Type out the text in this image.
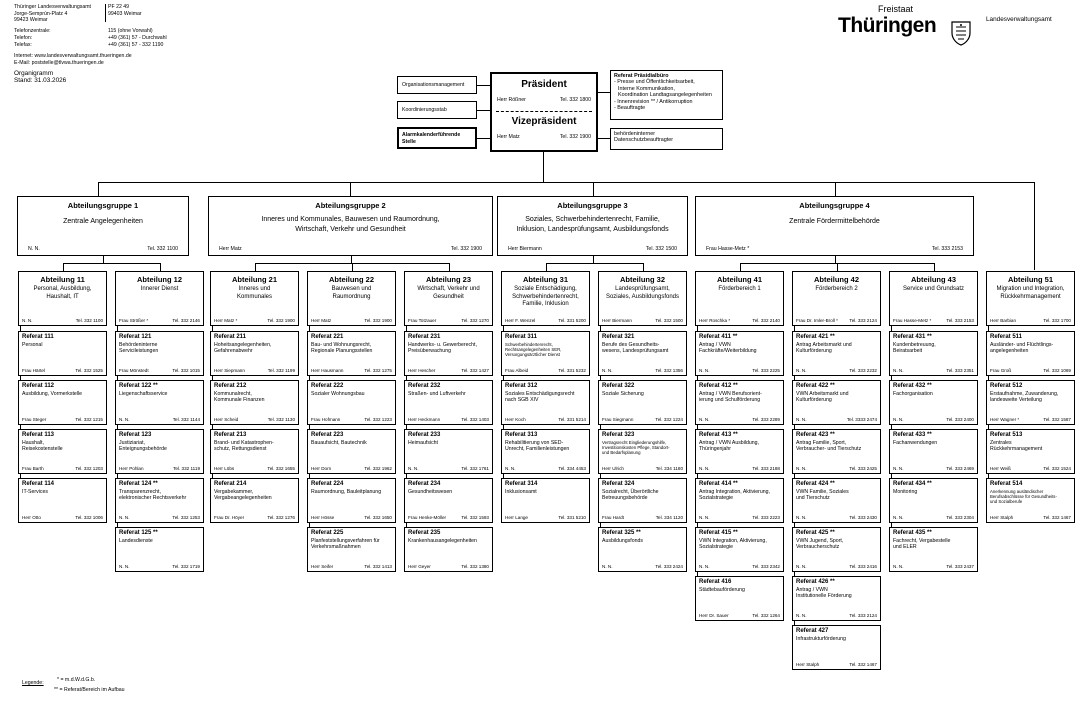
Thüringer Landesverwaltungsamt
Jorge-Semprún-Platz 4
99423 Weimar
PF 22 49
99403 Weimar
Telefonzentrale:
Telefon:
Telefax:
115 (ohne Vorwahl)
+49 (361) 57 - Durchwahl
+49 (361) 57 - 332 1190
Internet: www.landesverwaltungsamt.thueringen.de
E-Mail: poststelle@tlvwa.thueringen.de
Organigramm
Stand: 31.03.2026
Freistaat
Thüringen	Landesverwaltungsamt
Organisationsmanagement
Koordinierungsstab
Alarmkalenderführende
Stelle
Präsident
Herr Rößner	Tel. 332 1800
Vizepräsident
Herr Matz	Tel. 332 1900
Referat Präsidialbüro
- Presse und Öffentlichkeitsarbeit,
Interne Kommunikation,
Koordination Landtagsangelegenheiten
- Innenrevision ** / Antikorruption
- Beauftragte
behördeninterner
Datenschutzbeauftragter
Abteilungsgruppe 1
Zentrale Angelegenheiten
N. N.	Tel. 332 1100
Abteilungsgruppe 2
Inneres und Kommunales, Bauwesen und Raumordnung,
Wirtschaft, Verkehr und Gesundheit
Herr Matz	Tel. 332 1900
Abteilungsgruppe 3
Soziales, Schwerbehindertenrecht, Familie,
Inklusion, Landesprüfungsamt, Ausbildungsfonds
Herr Biermann	Tel. 332 1500
Abteilungsgruppe 4
Zentrale Fördermittelbehörde
Frau Hasse-Metz *	Tel. 333 2153
Abteilung 11
Personal, Ausbildung,
Haushalt, IT
N. N.	Tel. 332 1100
Referat 111
Personal
Frau Härtel	Tel. 332 1525
Referat 112
Ausbildung, Vormerkstelle
Frau Steger	Tel. 332 1215
Referat 113
Haushalt,
Reisekostenstelle
Frau Barth	Tel. 332 1203
Referat 114
IT-Services
Herr Otto	Tel. 332 1006
Abteilung 12
Innerer Dienst
Frau Strößer *	Tel. 332 2146
Referat 121
Behördeninterne
Servicileistungen
Frau Mönstedt	Tel. 332 1015
Referat 122 **
Liegenschaftsservice
N. N.	Tel. 332 1144
Referat 123
Justiziariat,
Enteignungsbehörde
Herr Pohlan	Tel. 332 1119
Referat 124 **
Transparenzrecht,
elektronischer Rechtsverkehr
N. N.	Tel. 332 1253
Referat 125 **
Landesdienste
N. N.	Tel. 332 1719
Abteilung 21
Inneres und
Kommunales
Herr Matz *	Tel. 332 1900
Referat 211
Hoheitsangelegenheiten,
Gefahrenabwehr
Herr Siepmann	Tel. 332 1199
Referat 212
Kommunalrecht,
Kommunale Finanzen
Herr Scheid	Tel. 332 1130
Referat 213
Brand- und Katastrophen-
schutz, Rettungsdienst
Herr Löbs	Tel. 332 1655
Referat 214
Vergabekammer,
Vergabeangelegenheiten
Frau Dr. Höyer	Tel. 332 1276
Abteilung 22
Bauwesen und
Raumordnung
Herr Matz	Tel. 332 1900
Referat 221
Bau- und Wohnungsrecht,
Regionale Planungsstellen
Herr Hausmann	Tel. 332 1275
Referat 222
Sozialer Wohnungsbau
Frau Hofmann	Tel. 332 1223
Referat 223
Bauaufsicht, Bautechnik
Herr Dorn	Tel. 332 1962
Referat 224
Raumordnung, Bauleitplanung
Herr Hösse	Tel. 332 1650
Referat 225
Planfeststellungsverfahren für
Verkehrsmaßnahmen
Herr Seifer	Tel. 332 1413
Abteilung 23
Wirtschaft, Verkehr und
Gesundheit
Frau Totzauer	Tel. 332 1270
Referat 231
Handwerks- u. Gewerberecht,
Preisüberwachung
Herr Hescher	Tel. 332 1427
Referat 232
Straßen- und Luftverkehr
Herr Heckmann	Tel. 332 1403
Referat 233
Heimaufsicht
N. N.	Tel. 332 1761
Referat 234
Gesundheitswesen
Frau Henke-Möller	Tel. 332 1593
Referat 235
Krankenhausangelegenheiten
Herr Geyer	Tel. 332 1380
Abteilung 31
Soziale Entschädigung,
Schwerbehindertenrecht,
Familie, Inklusion
Herr F. Wenzel	Tel. 331 5200
Referat 311
Schwerbehindertenrecht,
Rechtsangelegenheiten SER,
Versorgungsärztlicher Dienst
Frau Albeid	Tel. 331 5232
Referat 312
Soziales Entschädigungsrecht
nach SGB XIV
Herr Koch	Tel. 331 5214
Referat 313
Rehabilitierung von SED-
Unrecht, Familienleistungen
N. N.	Tel. 334 4453
Referat 314
Inklusionsamt
Herr Lange	Tel. 331 5210
Abteilung 32
Landesprüfungsamt,
Soziales, Ausbildungsfonds
Herr Biermann	Tel. 332 1500
Referat 321
Berufe des Gesundheits-
wesens, Landesprüfungsamt
N. N.	Tel. 332 1356
Referat 322
Soziale Sicherung
Frau Siegmann	Tel. 332 1224
Referat 323
Vertragsrecht Eingliederungshilfe,
Investitionskosten Pflege, Standort-
und Bedarfsplanung
Herr Ulrich	Tel. 334 1180
Referat 324
Sozialrecht, Überörtliche
Betreuungsbehörde
Frau Hardt	Tel. 334 1120
Referat 325 **
Ausbildungsfonds
N. N.	Tel. 333 2424
Abteilung 41
Förderbereich 1
Herr Roschka *	Tel. 332 2140
Referat 411 **
Antrag / VWN
Fachkräfte/Weiterbildung
N. N.	Tel. 333 2225
Referat 412 **
Antrag / VWN Berufsorient-
ierung und Schulförderung
N. N.	Tel. 333 2289
Referat 413 **
Antrag / VWN Ausbildung,
Thüringenjahr
N. N.	Tel. 333 2188
Referat 414 **
Antrag Integration, Aktivierung,
Sozialstrategie
N. N.	Tel. 333 2223
Referat 415 **
VWN Integration, Aktivierung,
Sozialstrategie
N. N.	Tel. 333 2342
Referat 416
Städtebauförderung
Herr Dr. Sauer	Tel. 332 1264
Abteilung 42
Förderbereich 2
Frau Dr. Imler-Broll *	Tel. 333 2124
Referat 421 **
Antrag Arbeitsmarkt und
Kulturförderung
N. N.	Tel. 333 2232
Referat 422 **
VWN Arbeitsmarkt und
Kulturförderung
N. N.	Tel. 3333 2474
Referat 423 **
Antrag Familie, Sport,
Verbraucher- und Tierschutz
N. N.	Tel. 333 2425
Referat 424 **
VWN Familie, Soziales
und Tierschutz
N. N.	Tel. 333 2430
Referat 425 **
VWN Jugend, Sport,
Verbraucherschutz
N. N.	Tel. 333 2416
Referat 426 **
Antrag / VWN
Institutionelle Förderung
N. N.	Tel. 333 2124
Referat 427
Infrastrukturförderung
Herr Stalph	Tel. 332 1467
Abteilung 43
Service und Grundsatz
Frau Hasse-Metz *	Tel. 333 2153
Referat 431 **
Kundenbetreuung,
Beiratsarbeit
N. N.	Tel. 333 2351
Referat 432 **
Fachorganisation
N. N.	Tel. 333 2400
Referat 433 **
Fachanwendungen
N. N.	Tel. 333 2469
Referat 434 **
Monitoring
N. N.	Tel. 333 2304
Referat 435 **
Fachrecht, Vergabestelle
und ELER
N. N.	Tel. 333 2437
Abteilung 51
Migration und Integration,
Rückkehrmanagement
Herr Barbian	Tel. 332 1700
Referat 511
Ausländer- und Flüchtlings-
angelegenheiten
Frau Groß	Tel. 332 1069
Referat 512
Erstaufnahme, Zuwanderung,
landesweite Verteilung
Herr Wagner *	Tel. 332 1587
Referat 513
Zentrales
Rückkehrmanagement
Herr Weiß	Tel. 332 1524
Referat 514
Anerkennung ausländischer
Berufsabschlüsse für Gesundheits-
und Sozialberufe
Herr Stalph	Tel. 332 1467
Legende:	* = m.d.W.d.G.b.
** = Referat/Bereich im Aufbau
